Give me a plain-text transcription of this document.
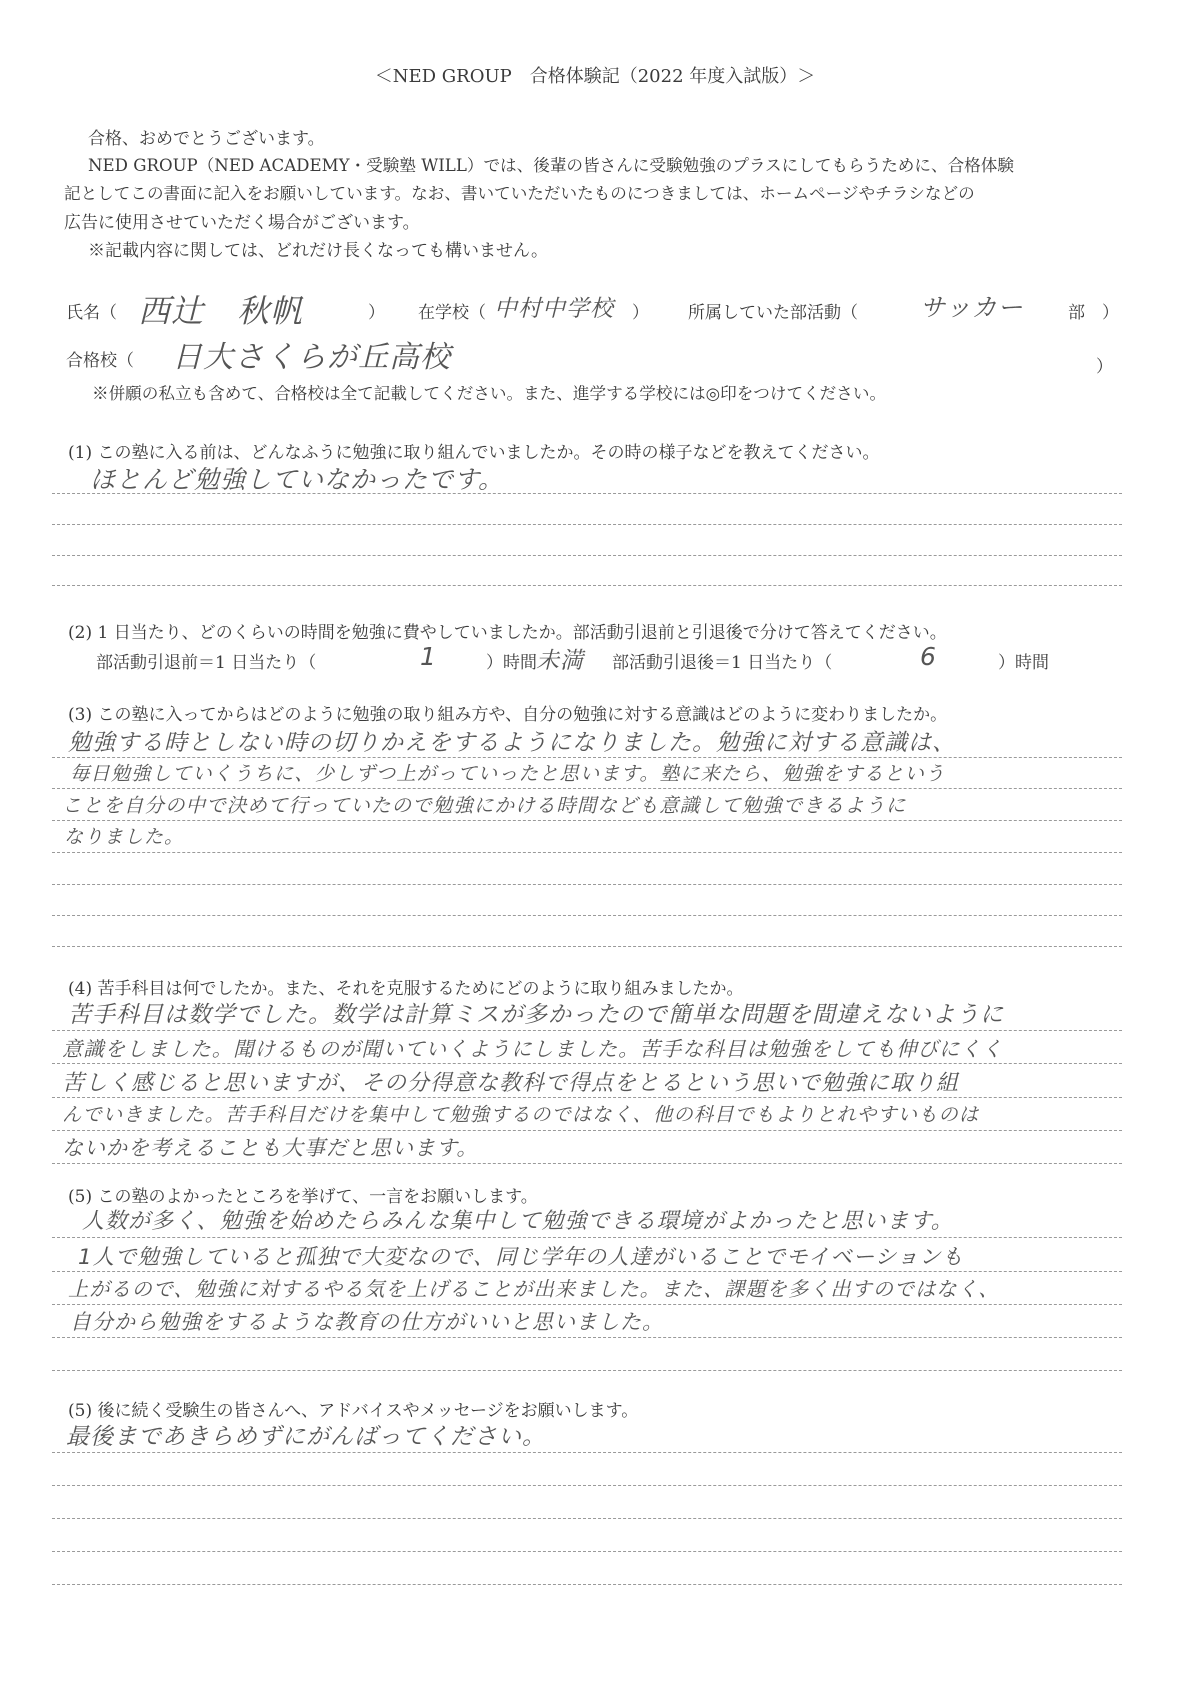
＜NED GROUP　合格体験記（2022 年度入試版）＞
合格、おめでとうございます。
NED GROUP（NED ACADEMY・受験塾 WILL）では、後輩の皆さんに受験勉強のプラスにしてもらうために、合格体験
記としてこの書面に記入をお願いしています。なお、書いていただいたものにつきましては、ホームページやチラシなどの
広告に使用させていただく場合がございます。
※記載内容に関しては、どれだけ長くなっても構いません。
氏名（ 西辻　秋帆	） 在学校（ 中村中学校 ） 所属していた部活動（ サッカー	部　）
合格校（ 日大さくらが丘高校	）
※併願の私立も含めて、合格校は全て記載してください。また、進学する学校には◎印をつけてください。
(1) この塾に入る前は、どんなふうに勉強に取り組んでいましたか。その時の様子などを教えてください。
ほとんど勉強していなかったです。
(2) 1 日当たり、どのくらいの時間を勉強に費やしていましたか。部活動引退前と引退後で分けて答えてください。
部活動引退前＝1 日当たり（	1	）時間 未満 部活動引退後＝1 日当たり（	6	）時間
(3) この塾に入ってからはどのように勉強の取り組み方や、自分の勉強に対する意識はどのように変わりましたか。
勉強する時としない時の切りかえをするようになりました。勉強に対する意識は、
毎日勉強していくうちに、少しずつ上がっていったと思います。塾に来たら、勉強をするという
ことを自分の中で決めて行っていたので勉強にかける時間なども意識して勉強できるように
なりました。
(4) 苦手科目は何でしたか。また、それを克服するためにどのように取り組みましたか。
苦手科目は数学でした。数学は計算ミスが多かったので簡単な問題を間違えないように
意識をしました。聞けるものが聞いていくようにしました。苦手な科目は勉強をしても伸びにくく
苦しく感じると思いますが、その分得意な教科で得点をとるという思いで勉強に取り組
んでいきました。苦手科目だけを集中して勉強するのではなく、他の科目でもよりとれやすいものは
ないかを考えることも大事だと思います。
(5) この塾のよかったところを挙げて、一言をお願いします。
人数が多く、勉強を始めたらみんな集中して勉強できる環境がよかったと思います。
1人で勉強していると孤独で大変なので、同じ学年の人達がいることでモイベーションも
上がるので、勉強に対するやる気を上げることが出来ました。また、課題を多く出すのではなく、
自分から勉強をするような教育の仕方がいいと思いました。
(5) 後に続く受験生の皆さんへ、アドバイスやメッセージをお願いします。
最後まであきらめずにがんばってください。
